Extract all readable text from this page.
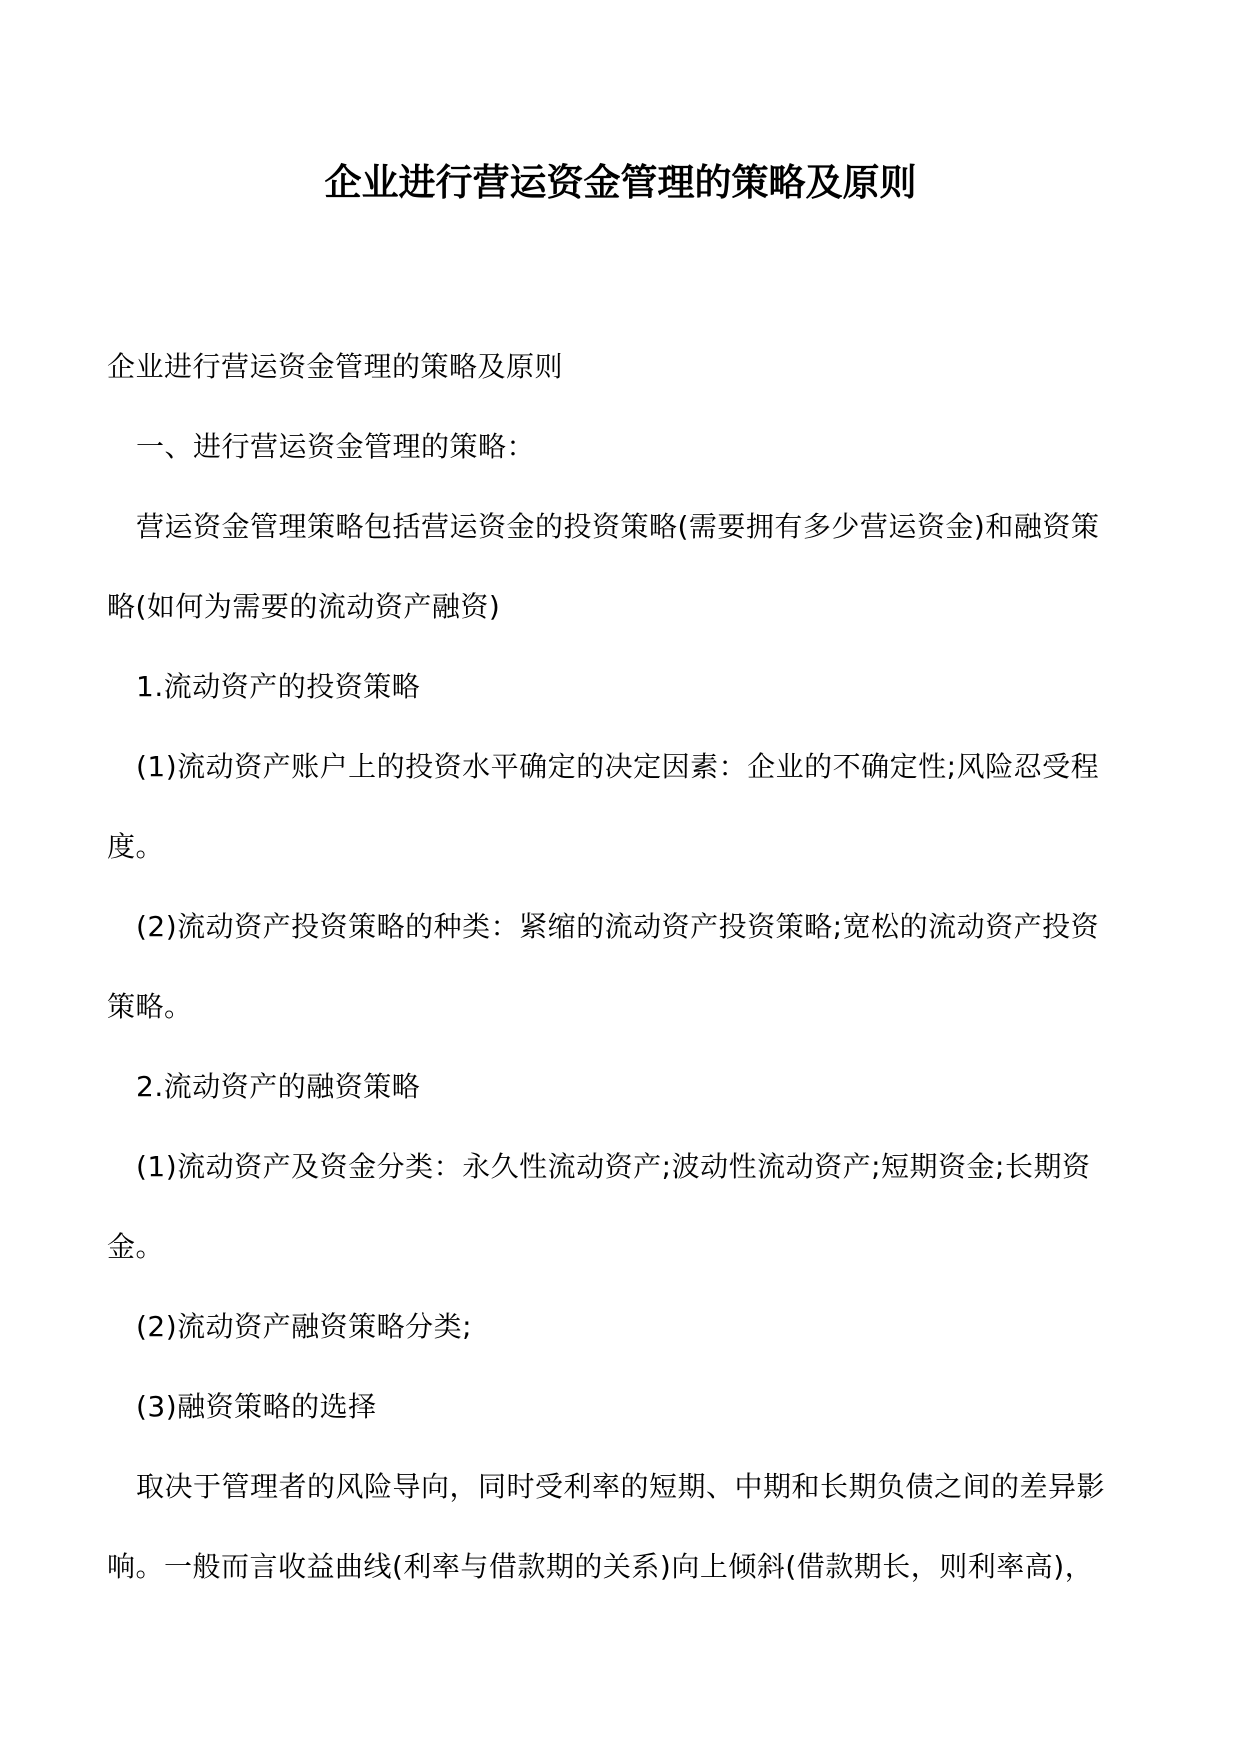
企业进行营运资金管理的策略及原则

企业进行营运资金管理的策略及原则

一、进行营运资金管理的策略：

营运资金管理策略包括营运资金的投资策略(需要拥有多少营运资金)和融资策

略(如何为需要的流动资产融资)

1.流动资产的投资策略

(1)流动资产账户上的投资水平确定的决定因素：企业的不确定性;风险忍受程

度。

(2)流动资产投资策略的种类：紧缩的流动资产投资策略;宽松的流动资产投资

策略。

2.流动资产的融资策略

(1)流动资产及资金分类：永久性流动资产;波动性流动资产;短期资金;长期资

金。

(2)流动资产融资策略分类;

(3)融资策略的选择

取决于管理者的风险导向，同时受利率的短期、中期和长期负债之间的差异影

响。一般而言收益曲线(利率与借款期的关系)向上倾斜(借款期长，则利率高)，
